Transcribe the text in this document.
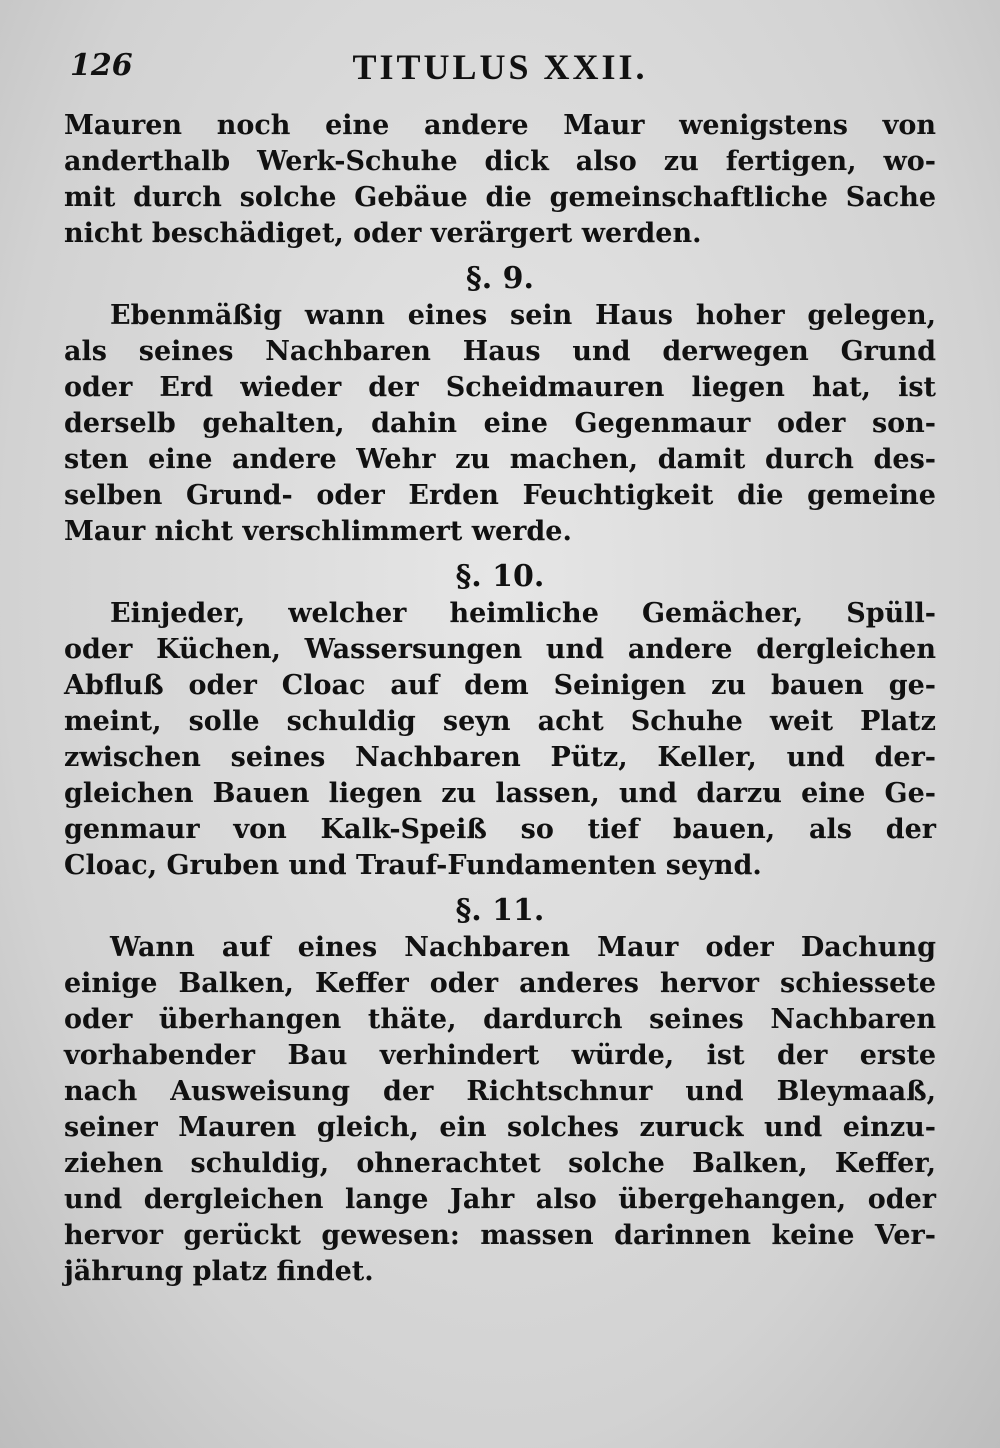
126	TITULUS XXII.
Mauren noch eine andere Maur wenigstens von
anderthalb Werk-Schuhe dick also zu fertigen, wo-
mit durch solche Gebäue die gemeinschaftliche Sache
nicht beschädiget, oder verärgert werden.
§. 9.
Ebenmäßig wann eines sein Haus hoher gelegen,
als seines Nachbaren Haus und derwegen Grund
oder Erd wieder der Scheidmauren liegen hat, ist
derselb gehalten, dahin eine Gegenmaur oder son-
sten eine andere Wehr zu machen, damit durch des-
selben Grund- oder Erden Feuchtigkeit die gemeine
Maur nicht verschlimmert werde.
§. 10.
Einjeder, welcher heimliche Gemächer, Spüll-
oder Küchen, Wassersungen und andere dergleichen
Abfluß oder Cloac auf dem Seinigen zu bauen ge-
meint, solle schuldig seyn acht Schuhe weit Platz
zwischen seines Nachbaren Pütz, Keller, und der-
gleichen Bauen liegen zu lassen, und darzu eine Ge-
genmaur von Kalk-Speiß so tief bauen, als der
Cloac, Gruben und Trauf-Fundamenten seynd.
§. 11.
Wann auf eines Nachbaren Maur oder Dachung
einige Balken, Keffer oder anderes hervor schiessete
oder überhangen thäte, dardurch seines Nachbaren
vorhabender Bau verhindert würde, ist der erste
nach Ausweisung der Richtschnur und Bleymaaß,
seiner Mauren gleich, ein solches zuruck und einzu-
ziehen schuldig, ohnerachtet solche Balken, Keffer,
und dergleichen lange Jahr also übergehangen, oder
hervor gerückt gewesen: massen darinnen keine Ver-
jährung platz findet.
